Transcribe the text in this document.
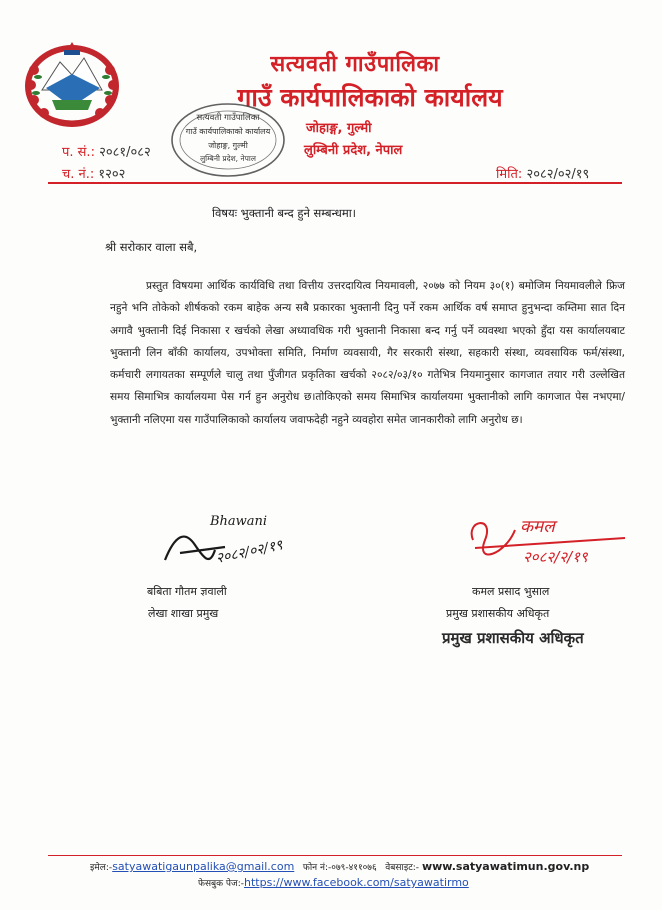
सत्यवती गाउँपालिका
गाउँ कार्यपालिकाको कार्यालय
जोहाङ्ग, गुल्मी
लुम्बिनी प्रदेश, नेपाल
सत्यवती गाउँपालिका
गाउँ कार्यपालिकाको कार्यालय
जोहाङ्ग, गुल्मी
लुम्बिनी प्रदेश, नेपाल
प. सं.: २०८१/०८२
च. नं.: १२०२	मिति: २०८२/०२/१९
विषयः भुक्तानी बन्द हुने सम्बन्धमा।
श्री सरोकार वाला सबै,
प्रस्तुत विषयमा आर्थिक कार्यविधि तथा वित्तीय उत्तरदायित्व नियमावली, २०७७ को नियम ३०(१) बमोजिम नियमावलीले फ्रिज नहुने भनि तोकेको शीर्षकको रकम बाहेक अन्य सबै प्रकारका भुक्तानी दिनु पर्ने रकम आर्थिक वर्ष समाप्त हुनुभन्दा कम्तिमा सात दिन अगावै भुक्तानी दिई निकासा र खर्चको लेखा अध्यावधिक गरी भुक्तानी निकासा बन्द गर्नु पर्ने व्यवस्था भएको हुँदा यस कार्यालयबाट भुक्तानी लिन बाँकी कार्यालय, उपभोक्ता समिति, निर्माण व्यवसायी, गैर सरकारी संस्था, सहकारी संस्था, व्यवसायिक फर्म/संस्था, कर्मचारी लगायतका सम्पूर्णले चालु तथा पुँजीगत प्रकृतिका खर्चको २०८२/०३/१० गतेभित्र नियमानुसार कागजात तयार गरी उल्लेखित समय सिमाभित्र कार्यालयमा पेस गर्न हुन अनुरोध छ।तोकिएको समय सिमाभित्र कार्यालयमा भुक्तानीको लागि कागजात पेस नभएमा/भुक्तानी नलिएमा यस गाउँपालिकाको कार्यालय जवाफदेही नहुने व्यवहोरा समेत जानकारीको लागि अनुरोध छ।
Bhawani
२०८२/०२/१९
बबिता गौतम ज्ञवाली
लेखा शाखा प्रमुख
कमल
२०८२/२/१९
कमल प्रसाद भुसाल
प्रमुख प्रशासकीय अधिकृत
प्रमुख प्रशासकीय अधिकृत
इमेल:-satyawatigaunpalika@gmail.com फोन नं:-०७९-४११०७६ वेबसाइट:- www.satyawatimun.gov.np
फेसबुक पेज:-https://www.facebook.com/satyawatirmo
